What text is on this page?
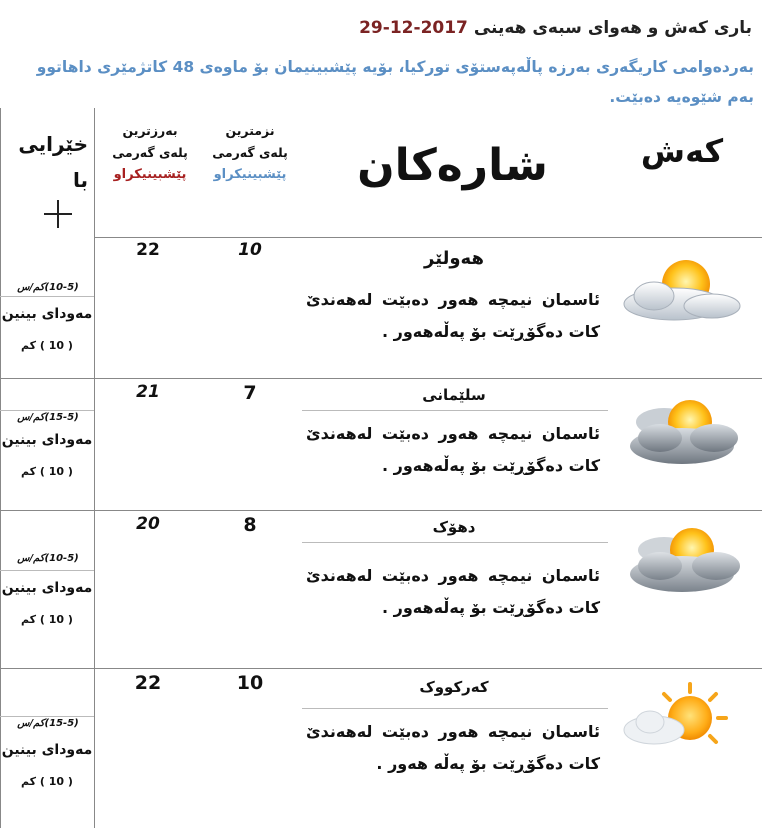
باری کەش و هەوای سبەی هەینی 2017-12-29
بەردەوامی کاریگەری بەرزە پاڵەپەستۆی تورکیا، بۆیە پێشبینیمان بۆ ماوەی 48 کاتژمێری داهاتوو بەم شێوەیە دەبێت.
کەش
شارەکان
نزمترین
پلەی گەرمی
پێشبینیکراو
بەرزترین
پلەی گەرمی
پێشبینیکراو
خێرایی
با
هەولێر
ئاسمان نیمچە هەور دەبێت لەهەندێ کات دەگۆڕێت بۆ پەڵەهەور .
10
22
(10-5)کم/س
مەودای بینین
( 10 ) کم
سلێمانی
ئاسمان نیمچە هەور دەبێت لەهەندێ کات دەگۆڕێت بۆ پەڵەهەور .
7
21
(15-5)کم/س
مەودای بینین
( 10 ) کم
دهۆک
ئاسمان نیمچە هەور دەبێت لەهەندێ کات دەگۆڕێت بۆ پەڵەهەور .
8
20
(10-5)کم/س
مەودای بینین
( 10 ) کم
کەرکووک
ئاسمان نیمچە هەور دەبێت لەهەندێ کات دەگۆڕێت بۆ پەڵە هەور .
10
22
(15-5)کم/س
مەودای بینین
( 10 ) کم
